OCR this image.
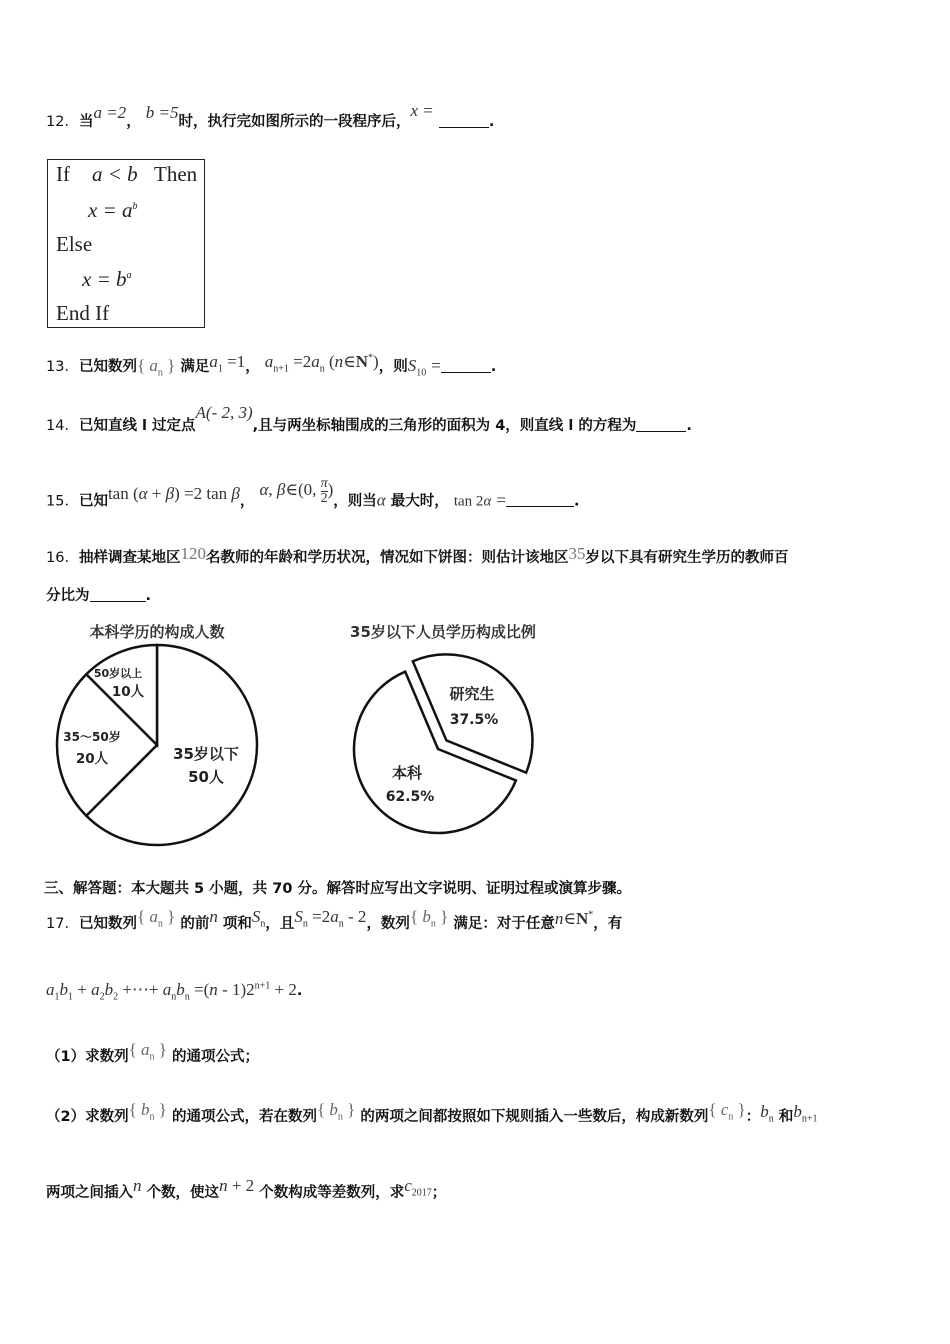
12．当a =2， b =5时，执行完如图所示的一段程序后，x = .
If a < b Then
$x = a^b$
Else
$x = b^a$
End If
13．已知数列{ $a_n$ } 满足$a_1 =1$， $a_{n+1} =2a_n$ (n∈N*)，则$S_{10}$ =	.
14．已知直线 l 过定点A(- 2, 3),且与两坐标轴围成的三角形的面积为 4，则直线 l 的方程为	.
15．已知tan (α + β) =2 tan β， α, β∈(0, $\frac{\pi}{2}$ )，则当α 最大时， tan 2α =	.
16．抽样调查某地区120名教师的年龄和学历状况，情况如下饼图：则估计该地区35岁以下具有研究生学历的教师百
分比为	.
本科学历的构成人数
50岁以上
10人
35～50岁
20人	35岁以下
50人
35岁以下人员学历构成比例
研究生
37.5%
本科
62.5%
三、解答题：本大题共 5 小题，共 70 分。解答时应写出文字说明、证明过程或演算步骤。
17．已知数列{ $a_n$ } 的前n 项和$S_n$，且$S_n =2a_n - 2$，数列{ $b_n$ } 满足：对于任意n∈N*，有
$a_1b_1 + a_2b_2$ +⋯+ $a_nb_n =(n - 1)2^{n+1} + 2$.
（1）求数列{ $a_n$ } 的通项公式；
（2）求数列{ $b_n$ } 的通项公式，若在数列{ $b_n$ } 的两项之间都按照如下规则插入一些数后，构成新数列{ $c_n$ }：$b_n$ 和$b_{n+1}$
两项之间插入n 个数，使这n + 2 个数构成等差数列，求$c_{2017}$；
